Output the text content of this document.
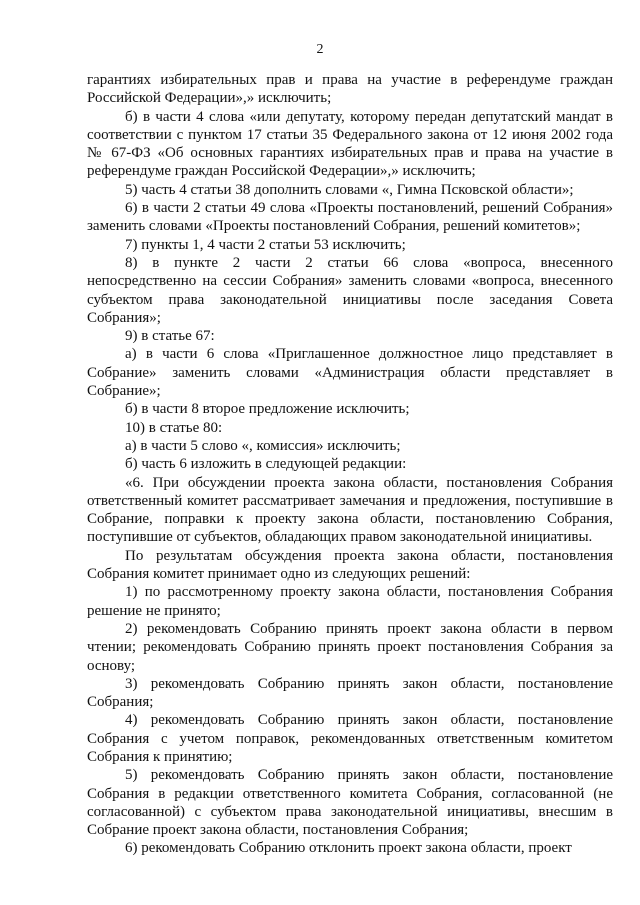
2

гарантиях избирательных прав и права на участие в референдуме граждан Российской Федерации»,» исключить;

б) в части 4 слова «или депутату, которому передан депутатский мандат в соответствии с пунктом 17 статьи 35 Федерального закона от 12 июня 2002 года № 67-ФЗ «Об основных гарантиях избирательных прав и права на участие в референдуме граждан Российской Федерации»,» исключить;

5) часть 4 статьи 38 дополнить словами «, Гимна Псковской области»;

6) в части 2 статьи 49 слова «Проекты постановлений, решений Собрания» заменить словами «Проекты постановлений Собрания, решений комитетов»;

7) пункты 1, 4 части 2 статьи 53 исключить;

8) в пункте 2 части 2 статьи 66 слова «вопроса, внесенного непосредственно на сессии Собрания» заменить словами «вопроса, внесенного субъектом права законодательной инициативы после заседания Совета Собрания»;

9) в статье 67:

а) в части 6 слова «Приглашенное должностное лицо представляет в Собрание» заменить словами «Администрация области представляет в Собрание»;

б) в части 8 второе предложение исключить;

10) в статье 80:

а) в части 5 слово «, комиссия» исключить;

б) часть 6 изложить в следующей редакции:

«6. При обсуждении проекта закона области, постановления Собрания ответственный комитет рассматривает замечания и предложения, поступившие в Собрание, поправки к проекту закона области, постановлению Собрания, поступившие от субъектов, обладающих правом законодательной инициативы.

По результатам обсуждения проекта закона области, постановления Собрания комитет принимает одно из следующих решений:

1) по рассмотренному проекту закона области, постановления Собрания решение не принято;

2) рекомендовать Собранию принять проект закона области в первом чтении; рекомендовать Собранию принять проект постановления Собрания за основу;

3) рекомендовать Собранию принять закон области, постановление Собрания;

4) рекомендовать Собранию принять закон области, постановление Собрания с учетом поправок, рекомендованных ответственным комитетом Собрания к принятию;

5) рекомендовать Собранию принять закон области, постановление Собрания в редакции ответственного комитета Собрания, согласованной (не согласованной) с субъектом права законодательной инициативы, внесшим в Собрание проект закона области, постановления Собрания;

6) рекомендовать Собранию отклонить проект закона области, проект
